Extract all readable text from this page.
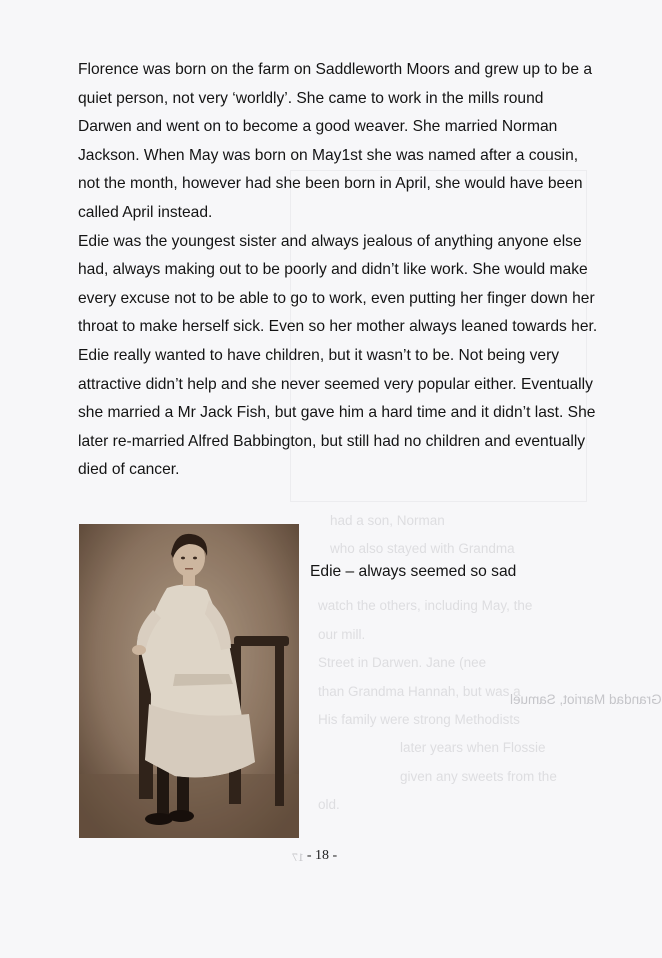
had a son, Norman
who also stayed with Grandma
watch the others, including May, the
our mill.
Street in Darwen. Jane (nee
than Grandma Hannah, but was a
His family were strong Methodists
later years when Flossie
given any sweets from the
old.
Grandad Marriot, Samuel
17

Florence was born on the farm on Saddleworth Moors and grew up to be a quiet person, not very ‘worldly’. She came to work in the mills round Darwen and went on to become a good weaver. She married Norman Jackson. When May was born on May1st she was named after a cousin, not the month, however had she been born in April, she would have been called April instead.

Edie was the youngest sister and always jealous of anything anyone else had, always making out to be poorly and didn’t like work. She would make every excuse not to be able to go to work, even putting her finger down her throat to make herself sick. Even so her mother always leaned towards her. Edie really wanted to have children, but it wasn’t to be. Not being very attractive didn’t help and she never seemed very popular either. Eventually she married a Mr Jack Fish, but gave him a hard time and it didn’t last. She later re-married Alfred Babbington, but still had no children and eventually died of cancer.

Edie – always seemed so sad

- 18 -
